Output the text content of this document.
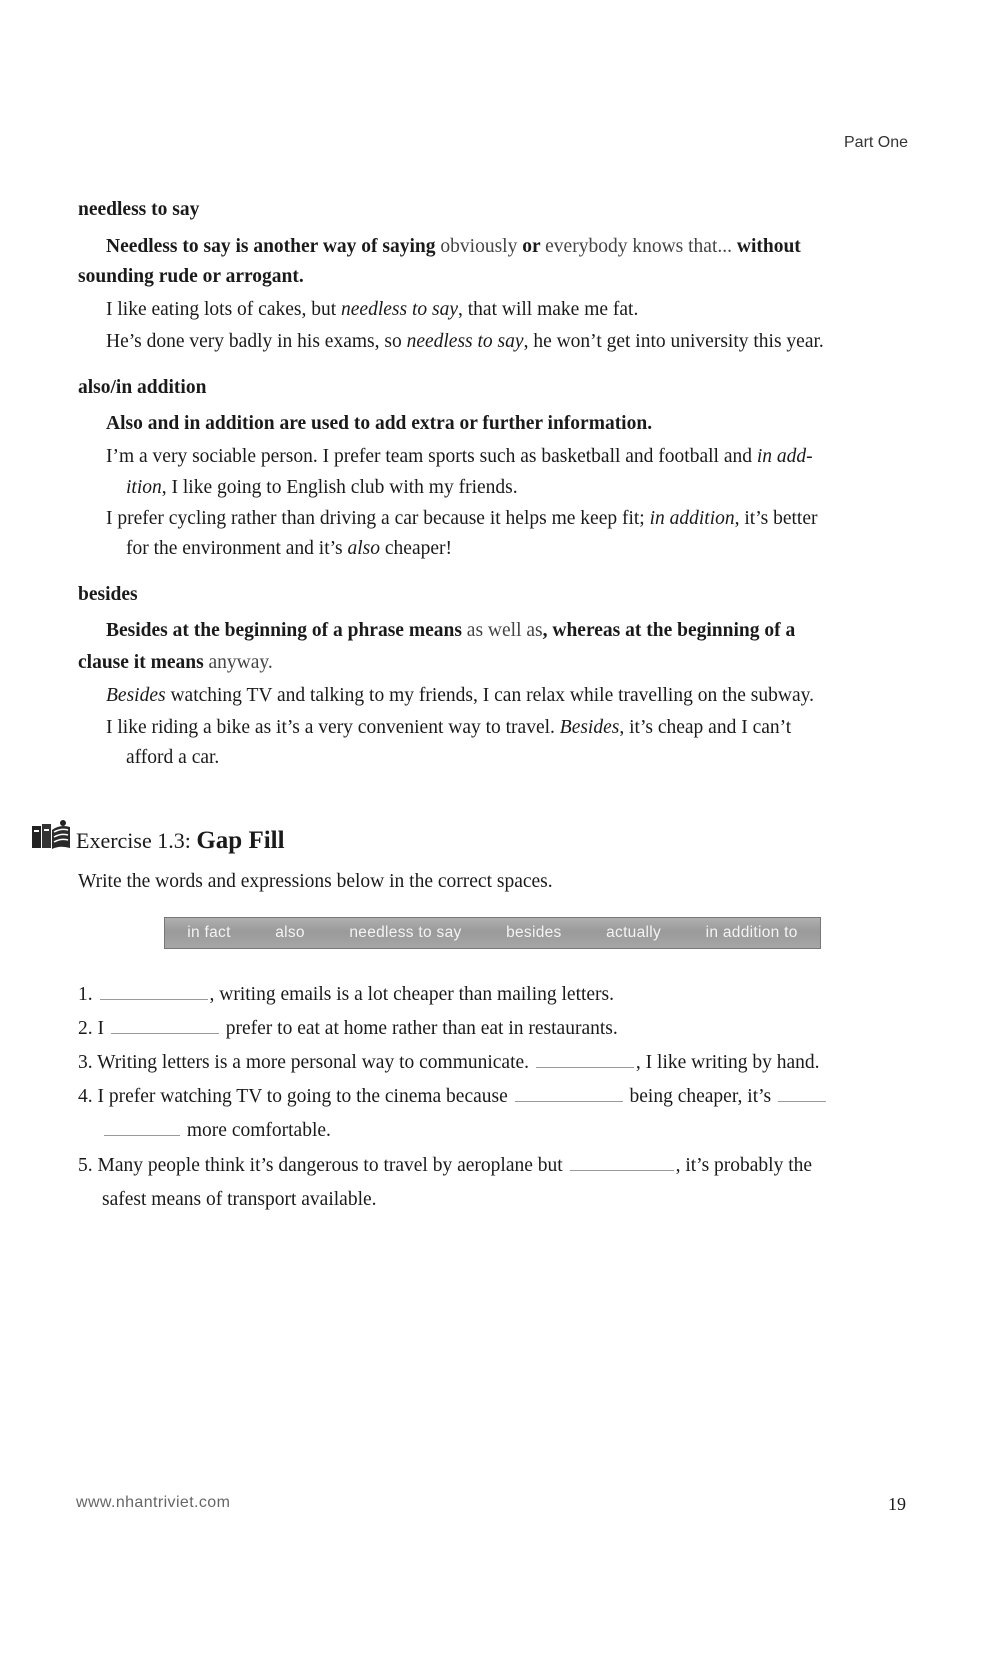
Part One
needless to say
Needless to say is another way of saying obviously or everybody knows that... without
sounding rude or arrogant.
I like eating lots of cakes, but needless to say, that will make me fat.
He’s done very badly in his exams, so needless to say, he won’t get into university this year.
also/in addition
Also and in addition are used to add extra or further information.
I’m a very sociable person. I prefer team sports such as basketball and football and in add-
ition, I like going to English club with my friends.
I prefer cycling rather than driving a car because it helps me keep fit; in addition, it’s better
for the environment and it’s also cheaper!
besides
Besides at the beginning of a phrase means as well as, whereas at the beginning of a
clause it means anyway.
Besides watching TV and talking to my friends, I can relax while travelling on the subway.
I like riding a bike as it’s a very convenient way to travel. Besides, it’s cheap and I can’t
afford a car.
Exercise 1.3: Gap Fill
Write the words and expressions below in the correct spaces.
in fact	also	needless to say	besides	actually	in addition to
1.	, writing emails is a lot cheaper than mailing letters.
2. I	prefer to eat at home rather than eat in restaurants.
3. Writing letters is a more personal way to communicate.	, I like writing by hand.
4. I prefer watching TV to going to the cinema because	being cheaper, it’s
more comfortable.
5. Many people think it’s dangerous to travel by aeroplane but	, it’s probably the
safest means of transport available.
www.nhantriviet.com	19
